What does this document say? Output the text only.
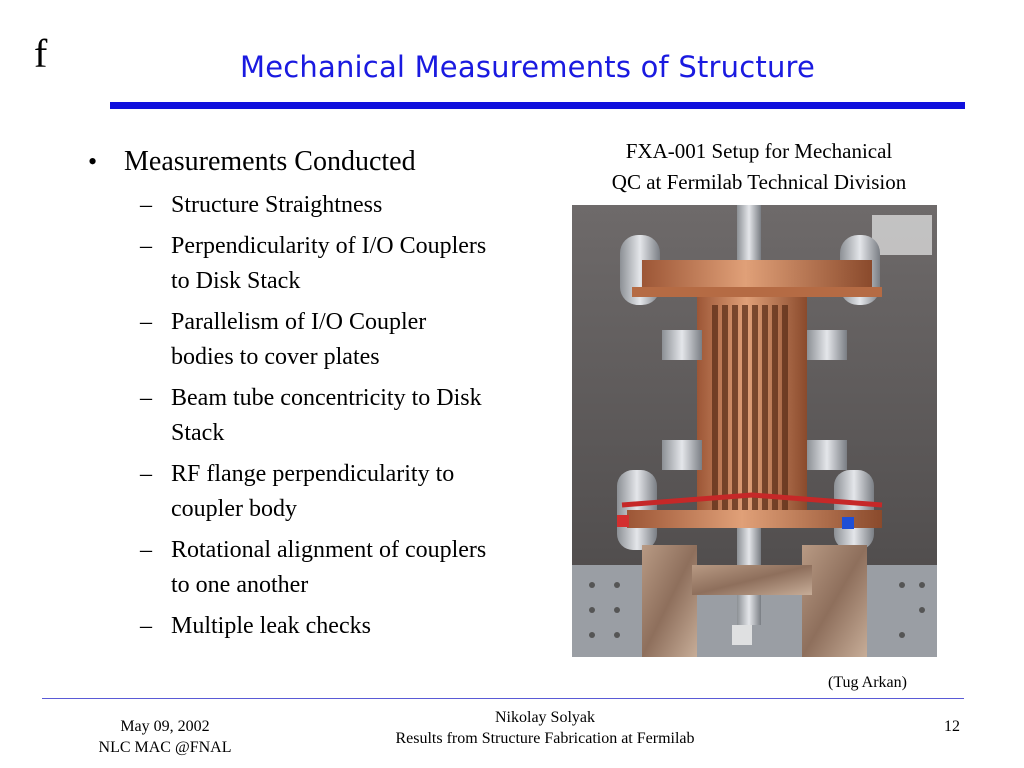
f	Mechanical Measurements of Structure
• Measurements Conducted
– Structure Straightness
– Perpendicularity of I/O Couplers to Disk Stack
– Parallelism of I/O Coupler bodies to cover plates
– Beam tube concentricity to Disk Stack
– RF flange perpendicularity to coupler body
– Rotational alignment of couplers to one another
– Multiple leak checks
FXA-001 Setup for Mechanical
QC at Fermilab Technical Division
(Tug Arkan)
May 09, 2002
NLC MAC @FNAL
Nikolay Solyak
Results from Structure Fabrication at Fermilab
12
